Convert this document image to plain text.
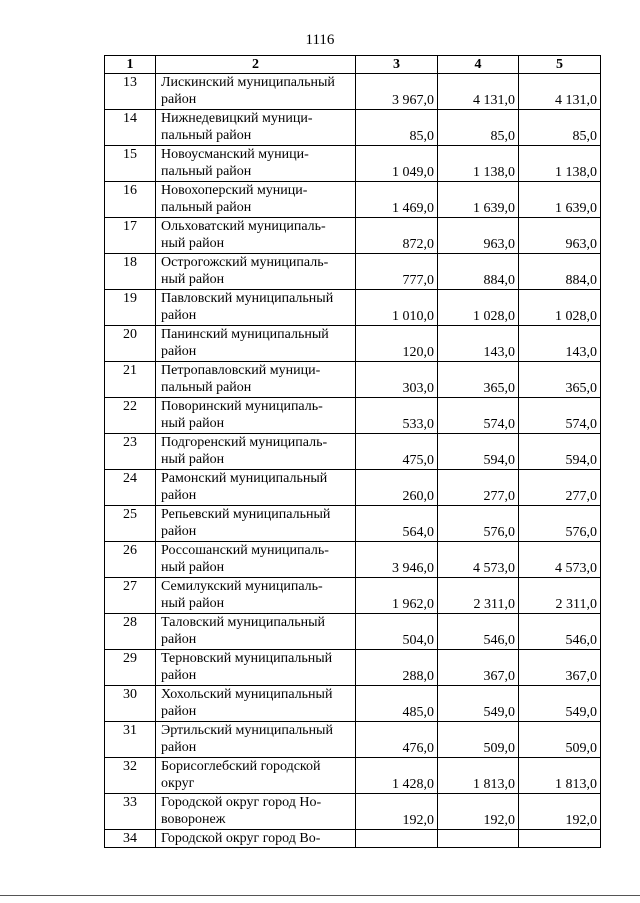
1116
1	2	3	4	5
13	Лискинский муниципальный
район	3 967,0	4 131,0	4 131,0
14	Нижнедевицкий муници-
пальный район	85,0	85,0	85,0
15	Новоусманский муници-
пальный район	1 049,0	1 138,0	1 138,0
16	Новохоперский муници-
пальный район	1 469,0	1 639,0	1 639,0
17	Ольховатский муниципаль-
ный район	872,0	963,0	963,0
18	Острогожский муниципаль-
ный район	777,0	884,0	884,0
19	Павловский муниципальный
район	1 010,0	1 028,0	1 028,0
20	Панинский муниципальный
район	120,0	143,0	143,0
21	Петропавловский муници-
пальный район	303,0	365,0	365,0
22	Поворинский муниципаль-
ный район	533,0	574,0	574,0
23	Подгоренский муниципаль-
ный район	475,0	594,0	594,0
24	Рамонский муниципальный
район	260,0	277,0	277,0
25	Репьевский муниципальный
район	564,0	576,0	576,0
26	Россошанский муниципаль-
ный район	3 946,0	4 573,0	4 573,0
27	Семилукский муниципаль-
ный район	1 962,0	2 311,0	2 311,0
28	Таловский муниципальный
район	504,0	546,0	546,0
29	Терновский муниципальный
район	288,0	367,0	367,0
30	Хохольский муниципальный
район	485,0	549,0	549,0
31	Эртильский муниципальный
район	476,0	509,0	509,0
32	Борисоглебский городской
округ	1 428,0	1 813,0	1 813,0
33	Городской округ город Но-
воворонеж	192,0	192,0	192,0
34	Городской округ город Во-			
